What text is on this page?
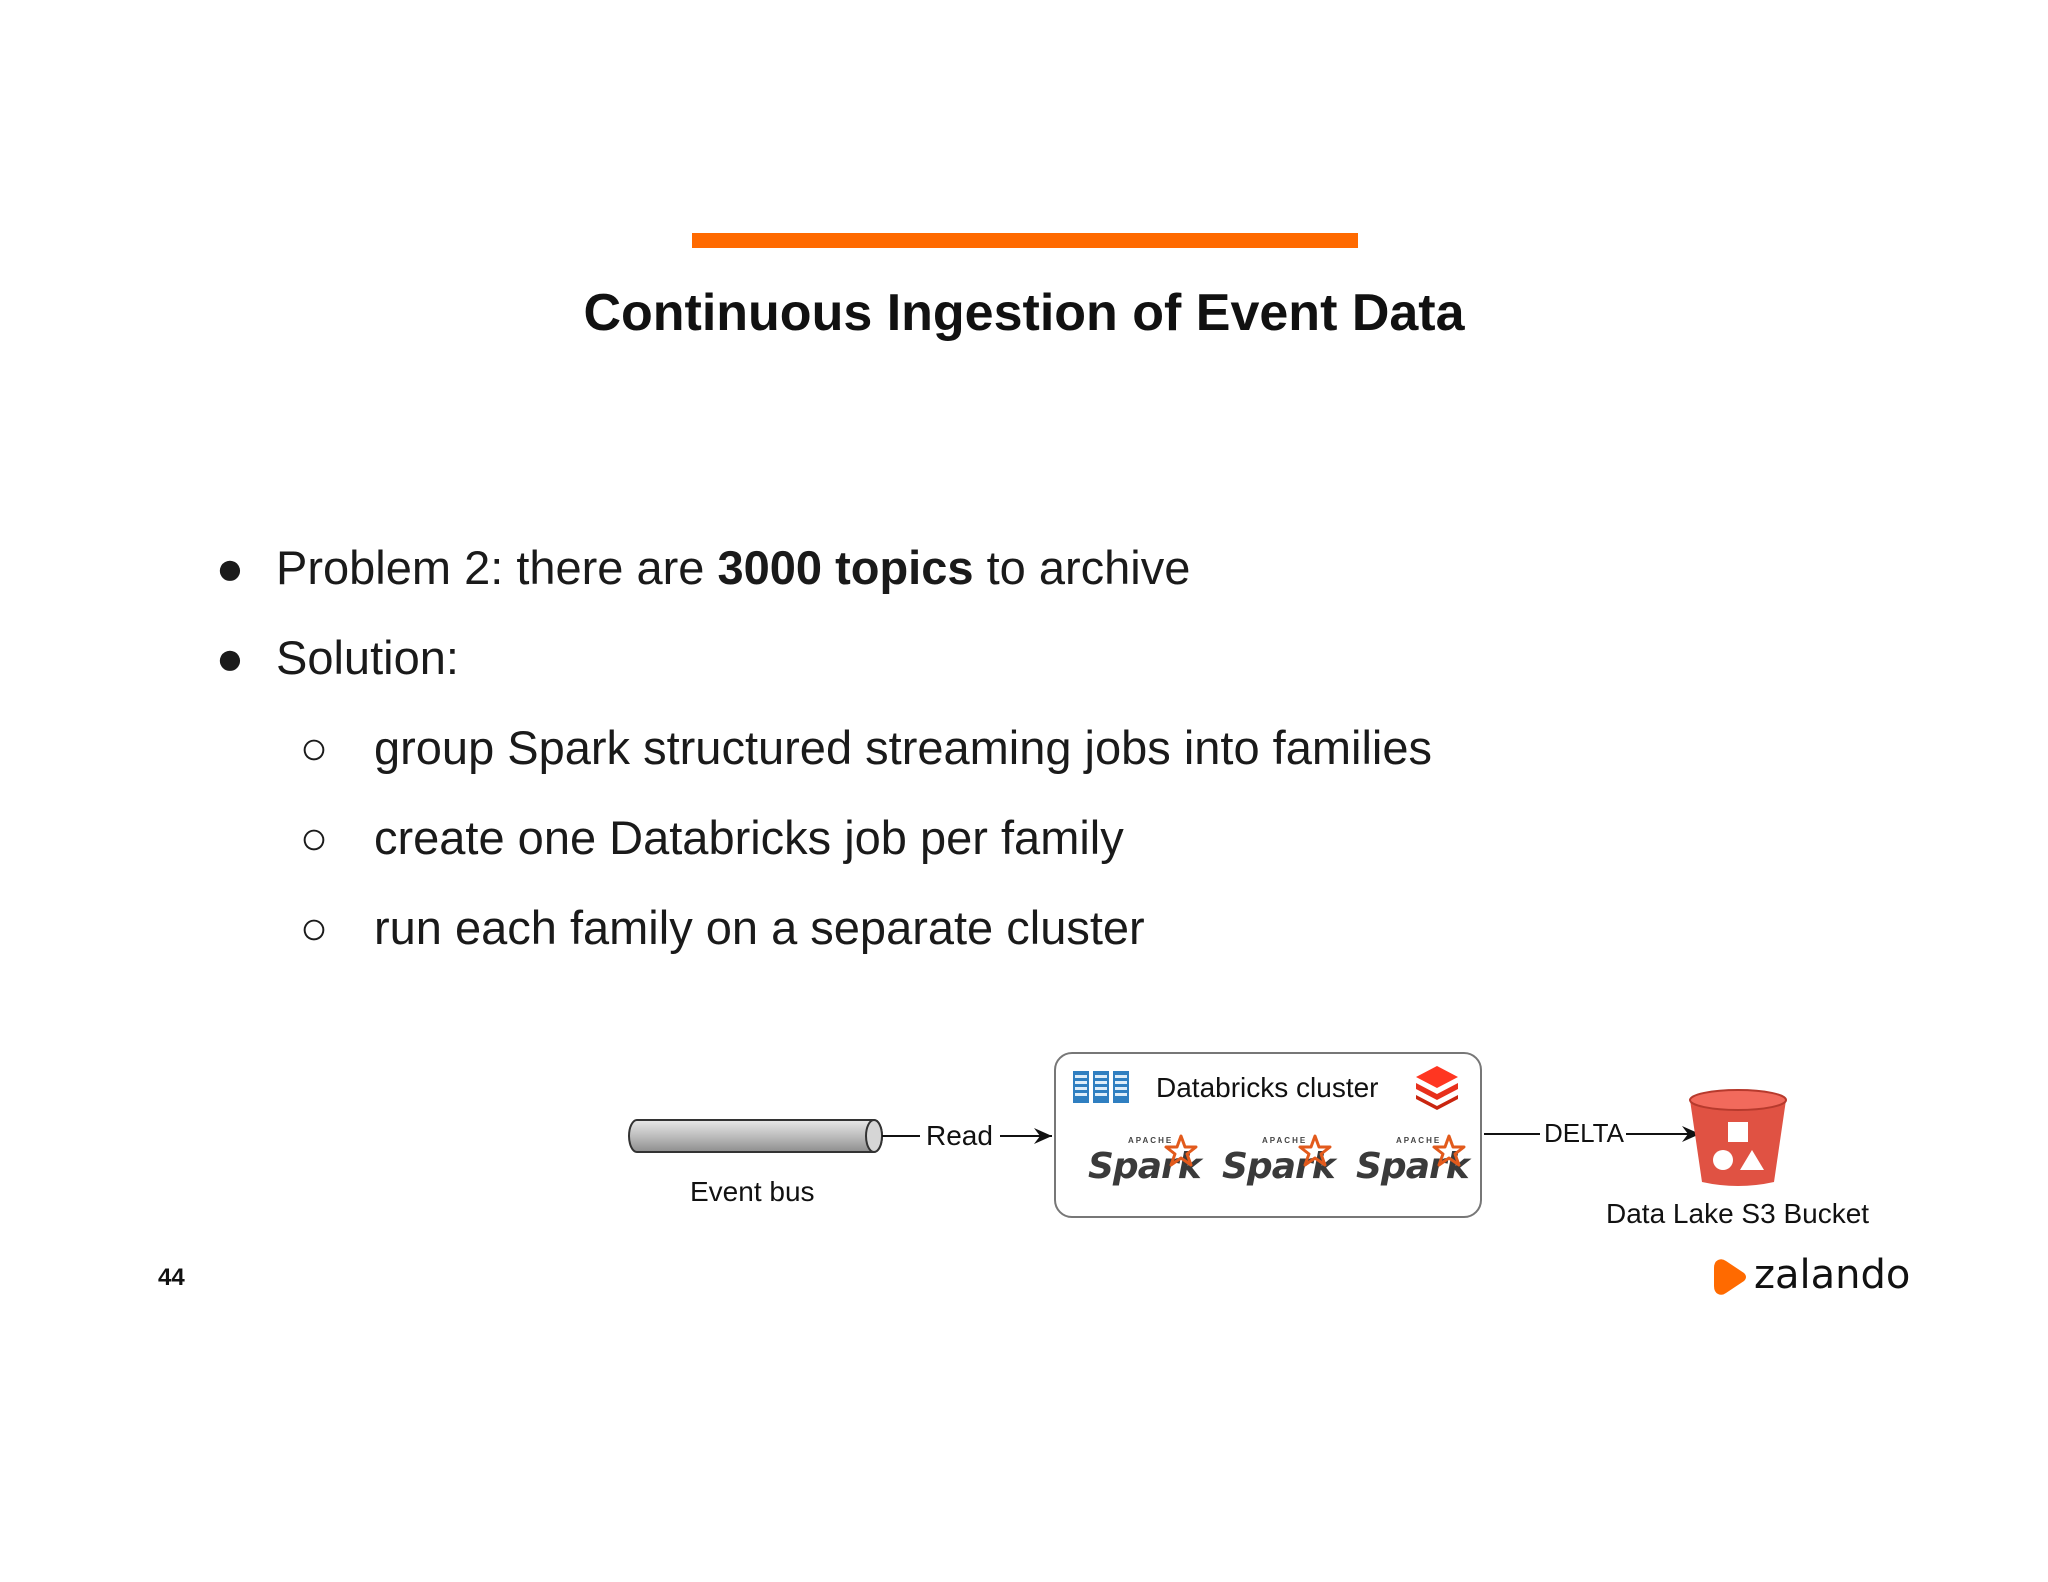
Continuous Ingestion of Event Data
● Problem 2: there are 3000 topics to archive
● Solution:
○ group Spark structured streaming jobs into families
○ create one Databricks job per family
○ run each family on a separate cluster
Event bus
Read
Databricks cluster
APACHE
Spark
APACHE
Spark
APACHE
Spark
DELTA
Data Lake S3 Bucket
44	zalando
